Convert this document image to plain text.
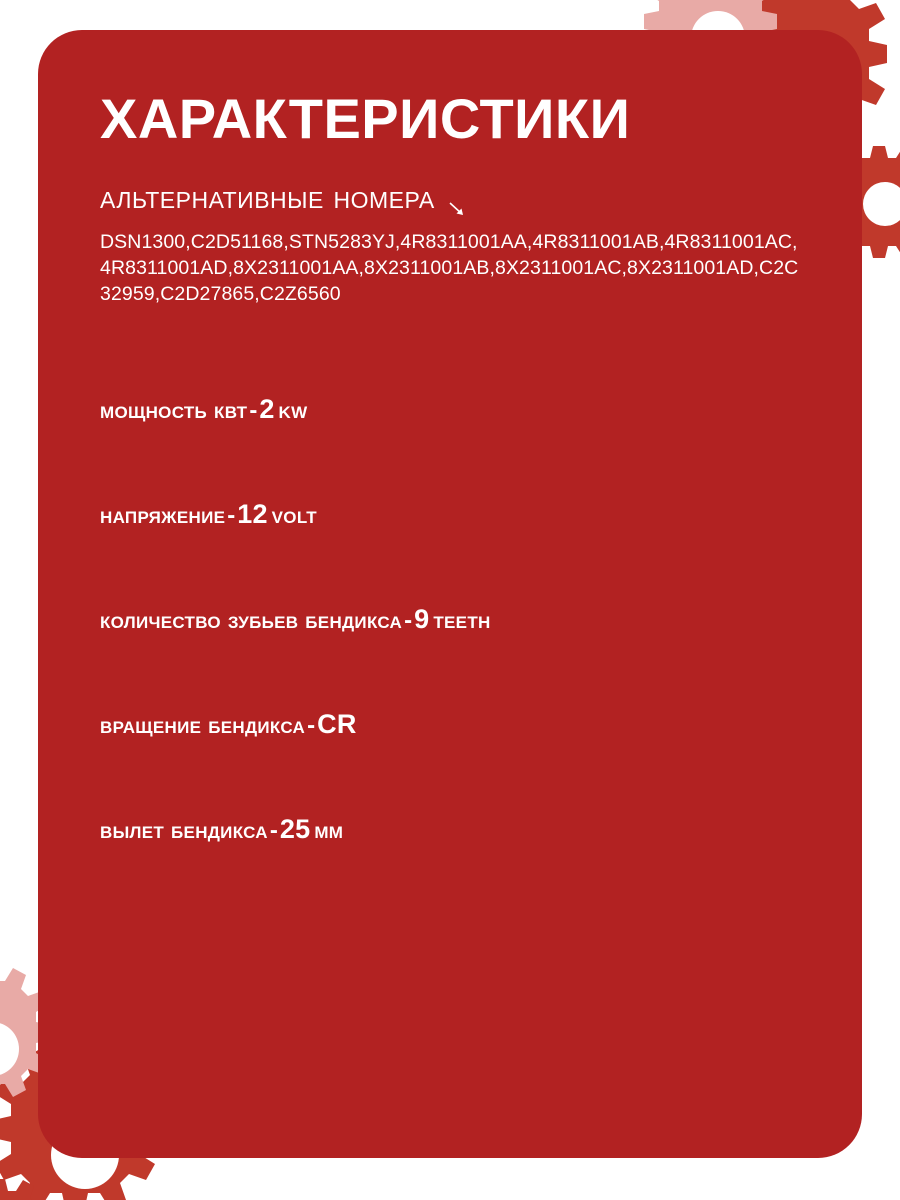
ХАРАКТЕРИСТИКИ
альтернативные номера
DSN1300,C2D51168,STN5283YJ,4R8311001AA,4R8311001AB,4R8311001AC,4R8311001AD,8X2311001AA,8X2311001AB,8X2311001AC,8X2311001AD,C2C32959,C2D27865,C2Z6560
мощность квт - 2 kw
напряжение - 12 volt
количество зубьев бендикса - 9 teeth
вращение бендикса - CR
вылет бендикса - 25 mm
